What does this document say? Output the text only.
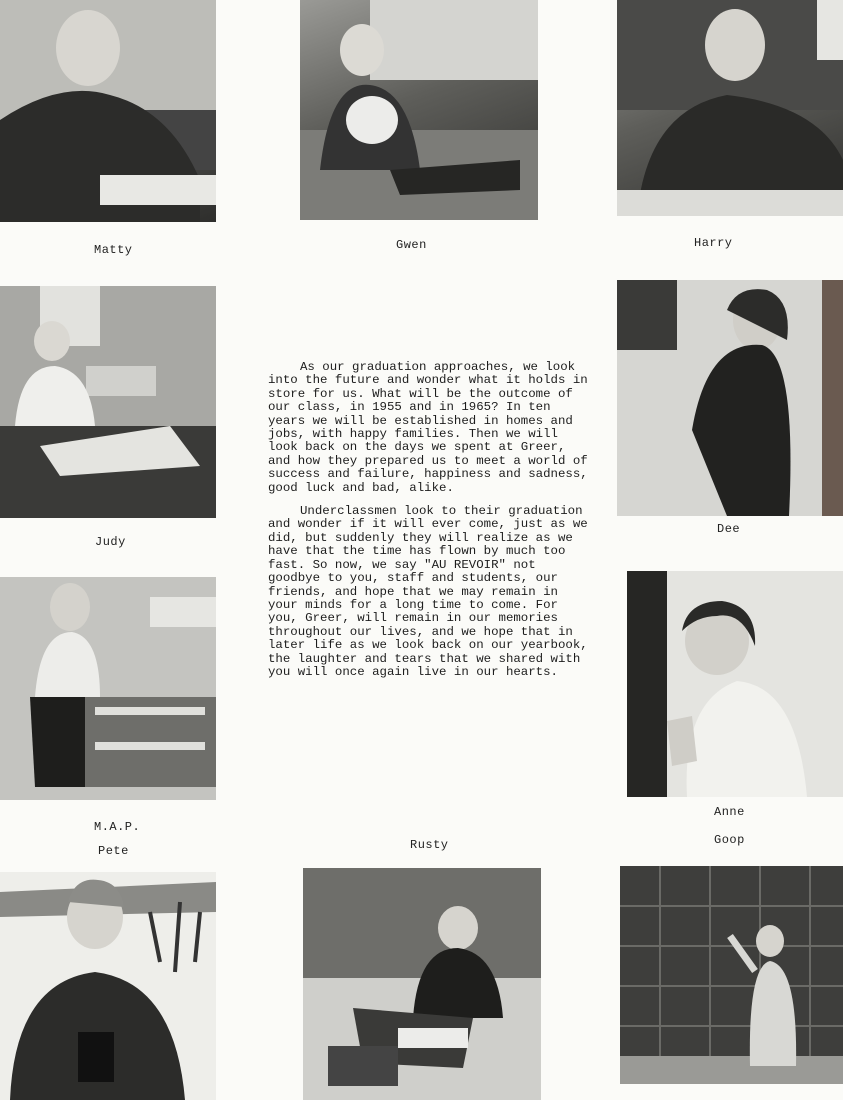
Matty	Gwen	Harry
Judy
Dee
M.A.P.
Anne

As our graduation approaches, we look into the future and wonder what it holds in store for us. What will be the outcome of our class, in 1955 and in 1965? In ten years we will be established in homes and jobs, with happy families. Then we will look back on the days we spent at Greer, and how they prepared us to meet a world of success and failure, happiness and sadness, good luck and bad, alike.

Underclassmen look to their graduation and wonder if it will ever come, just as we did, but suddenly they will realize as we have that the time has flown by much too fast. So now, we say "AU REVOIR" not goodbye to you, staff and students, our friends, and hope that we may remain in your minds for a long time to come. For you, Greer, will remain in our memories throughout our lives, and we hope that in later life as we look back on our yearbook, the laughter and tears that we shared with you will once again live in our hearts.

Pete	Rusty	Goop
